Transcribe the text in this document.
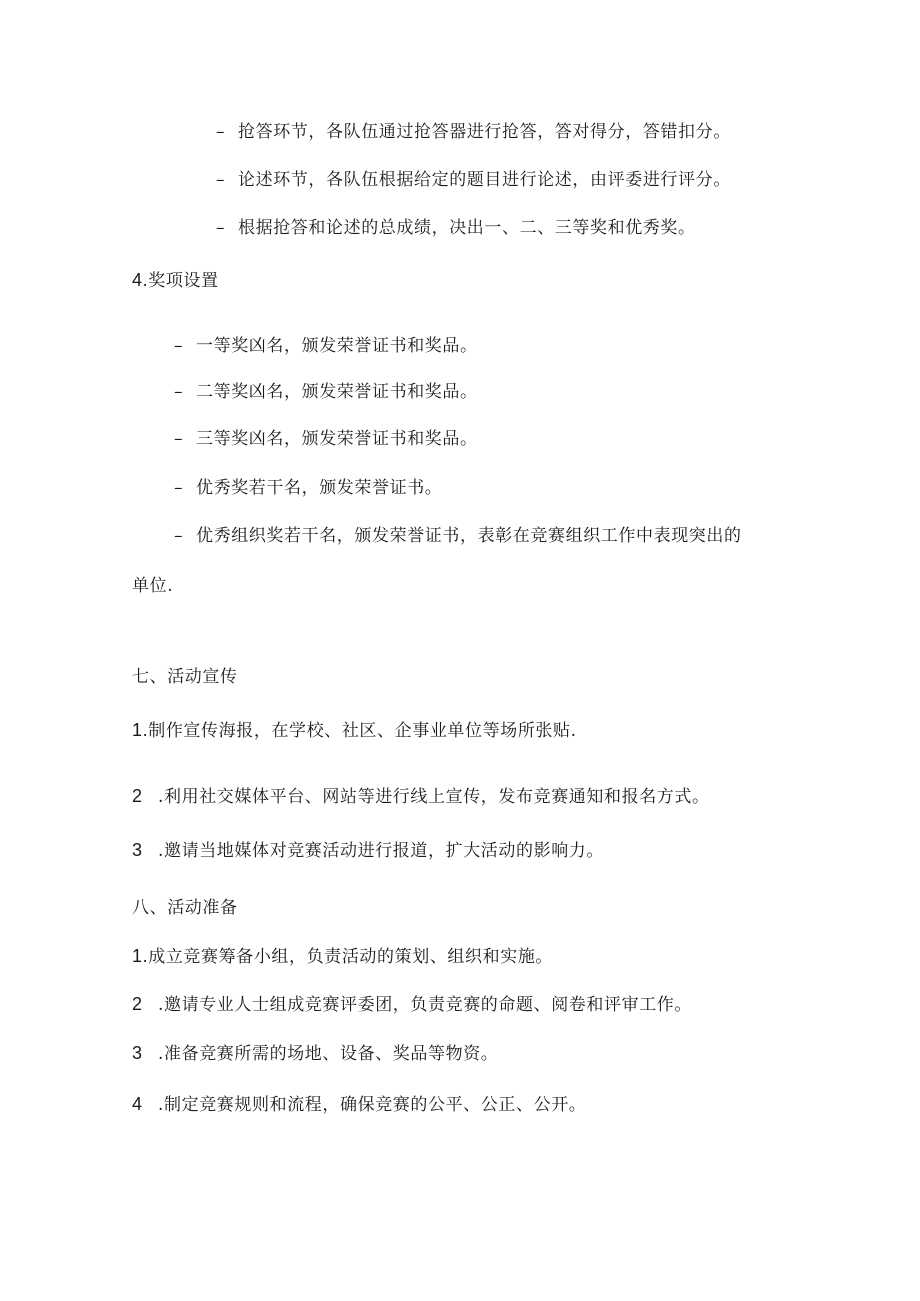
– 抢答环节，各队伍通过抢答器进行抢答，答对得分，答错扣分。
– 论述环节，各队伍根据给定的题目进行论述，由评委进行评分。
– 根据抢答和论述的总成绩，决出一、二、三等奖和优秀奖。
4.奖项设置
– 一等奖凶名，颁发荣誉证书和奖品。
– 二等奖凶名，颁发荣誉证书和奖品。
– 三等奖凶名，颁发荣誉证书和奖品。
– 优秀奖若干名，颁发荣誉证书。
– 优秀组织奖若干名，颁发荣誉证书，表彰在竞赛组织工作中表现突出的
单位.
七、活动宣传
1.制作宣传海报，在学校、社区、企事业单位等场所张贴.
2 .利用社交媒体平台、网站等进行线上宣传，发布竞赛通知和报名方式。
3 .邀请当地媒体对竞赛活动进行报道，扩大活动的影响力。
八、活动准备
1.成立竞赛筹备小组，负责活动的策划、组织和实施。
2 .邀请专业人士组成竞赛评委团，负责竞赛的命题、阅卷和评审工作。
3 .准备竞赛所需的场地、设备、奖品等物资。
4 .制定竞赛规则和流程，确保竞赛的公平、公正、公开。
